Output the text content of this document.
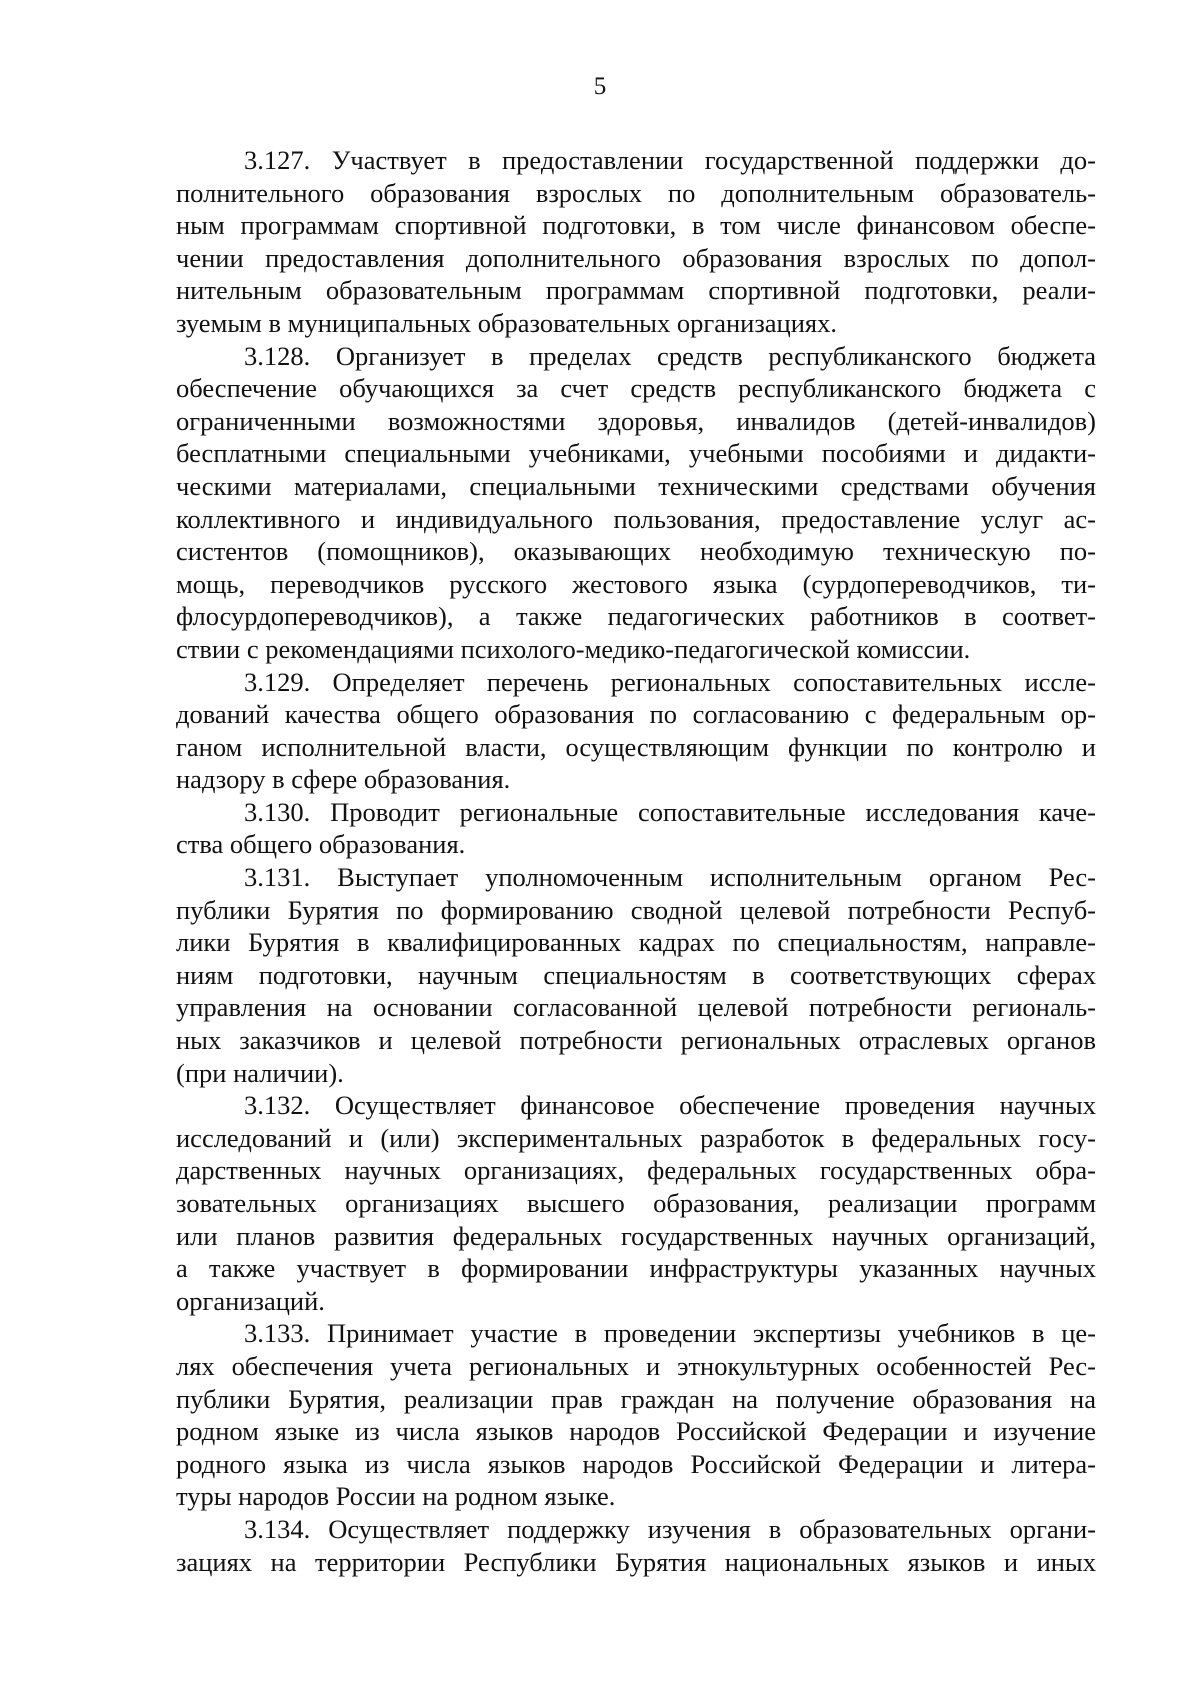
5
3.127. Участвует в предоставлении государственной поддержки до-
полнительного образования взрослых по дополнительным образователь-
ным программам спортивной подготовки, в том числе финансовом обеспе-
чении предоставления дополнительного образования взрослых по допол-
нительным образовательным программам спортивной подготовки, реали-
зуемым в муниципальных образовательных организациях.
3.128. Организует в пределах средств республиканского бюджета
обеспечение обучающихся за счет средств республиканского бюджета с
ограниченными возможностями здоровья, инвалидов (детей-инвалидов)
бесплатными специальными учебниками, учебными пособиями и дидакти-
ческими материалами, специальными техническими средствами обучения
коллективного и индивидуального пользования, предоставление услуг ас-
систентов (помощников), оказывающих необходимую техническую по-
мощь, переводчиков русского жестового языка (сурдопереводчиков, ти-
флосурдопереводчиков), а также педагогических работников в соответ-
ствии с рекомендациями психолого-медико-педагогической комиссии.
3.129. Определяет перечень региональных сопоставительных иссле-
дований качества общего образования по согласованию с федеральным ор-
ганом исполнительной власти, осуществляющим функции по контролю и
надзору в сфере образования.
3.130. Проводит региональные сопоставительные исследования каче-
ства общего образования.
3.131. Выступает уполномоченным исполнительным органом Рес-
публики Бурятия по формированию сводной целевой потребности Респуб-
лики Бурятия в квалифицированных кадрах по специальностям, направле-
ниям подготовки, научным специальностям в соответствующих сферах
управления на основании согласованной целевой потребности региональ-
ных заказчиков и целевой потребности региональных отраслевых органов
(при наличии).
3.132. Осуществляет финансовое обеспечение проведения научных
исследований и (или) экспериментальных разработок в федеральных госу-
дарственных научных организациях, федеральных государственных обра-
зовательных организациях высшего образования, реализации программ
или планов развития федеральных государственных научных организаций,
а также участвует в формировании инфраструктуры указанных научных
организаций.
3.133. Принимает участие в проведении экспертизы учебников в це-
лях обеспечения учета региональных и этнокультурных особенностей Рес-
публики Бурятия, реализации прав граждан на получение образования на
родном языке из числа языков народов Российской Федерации и изучение
родного языка из числа языков народов Российской Федерации и литера-
туры народов России на родном языке.
3.134. Осуществляет поддержку изучения в образовательных органи-
зациях на территории Республики Бурятия национальных языков и иных
